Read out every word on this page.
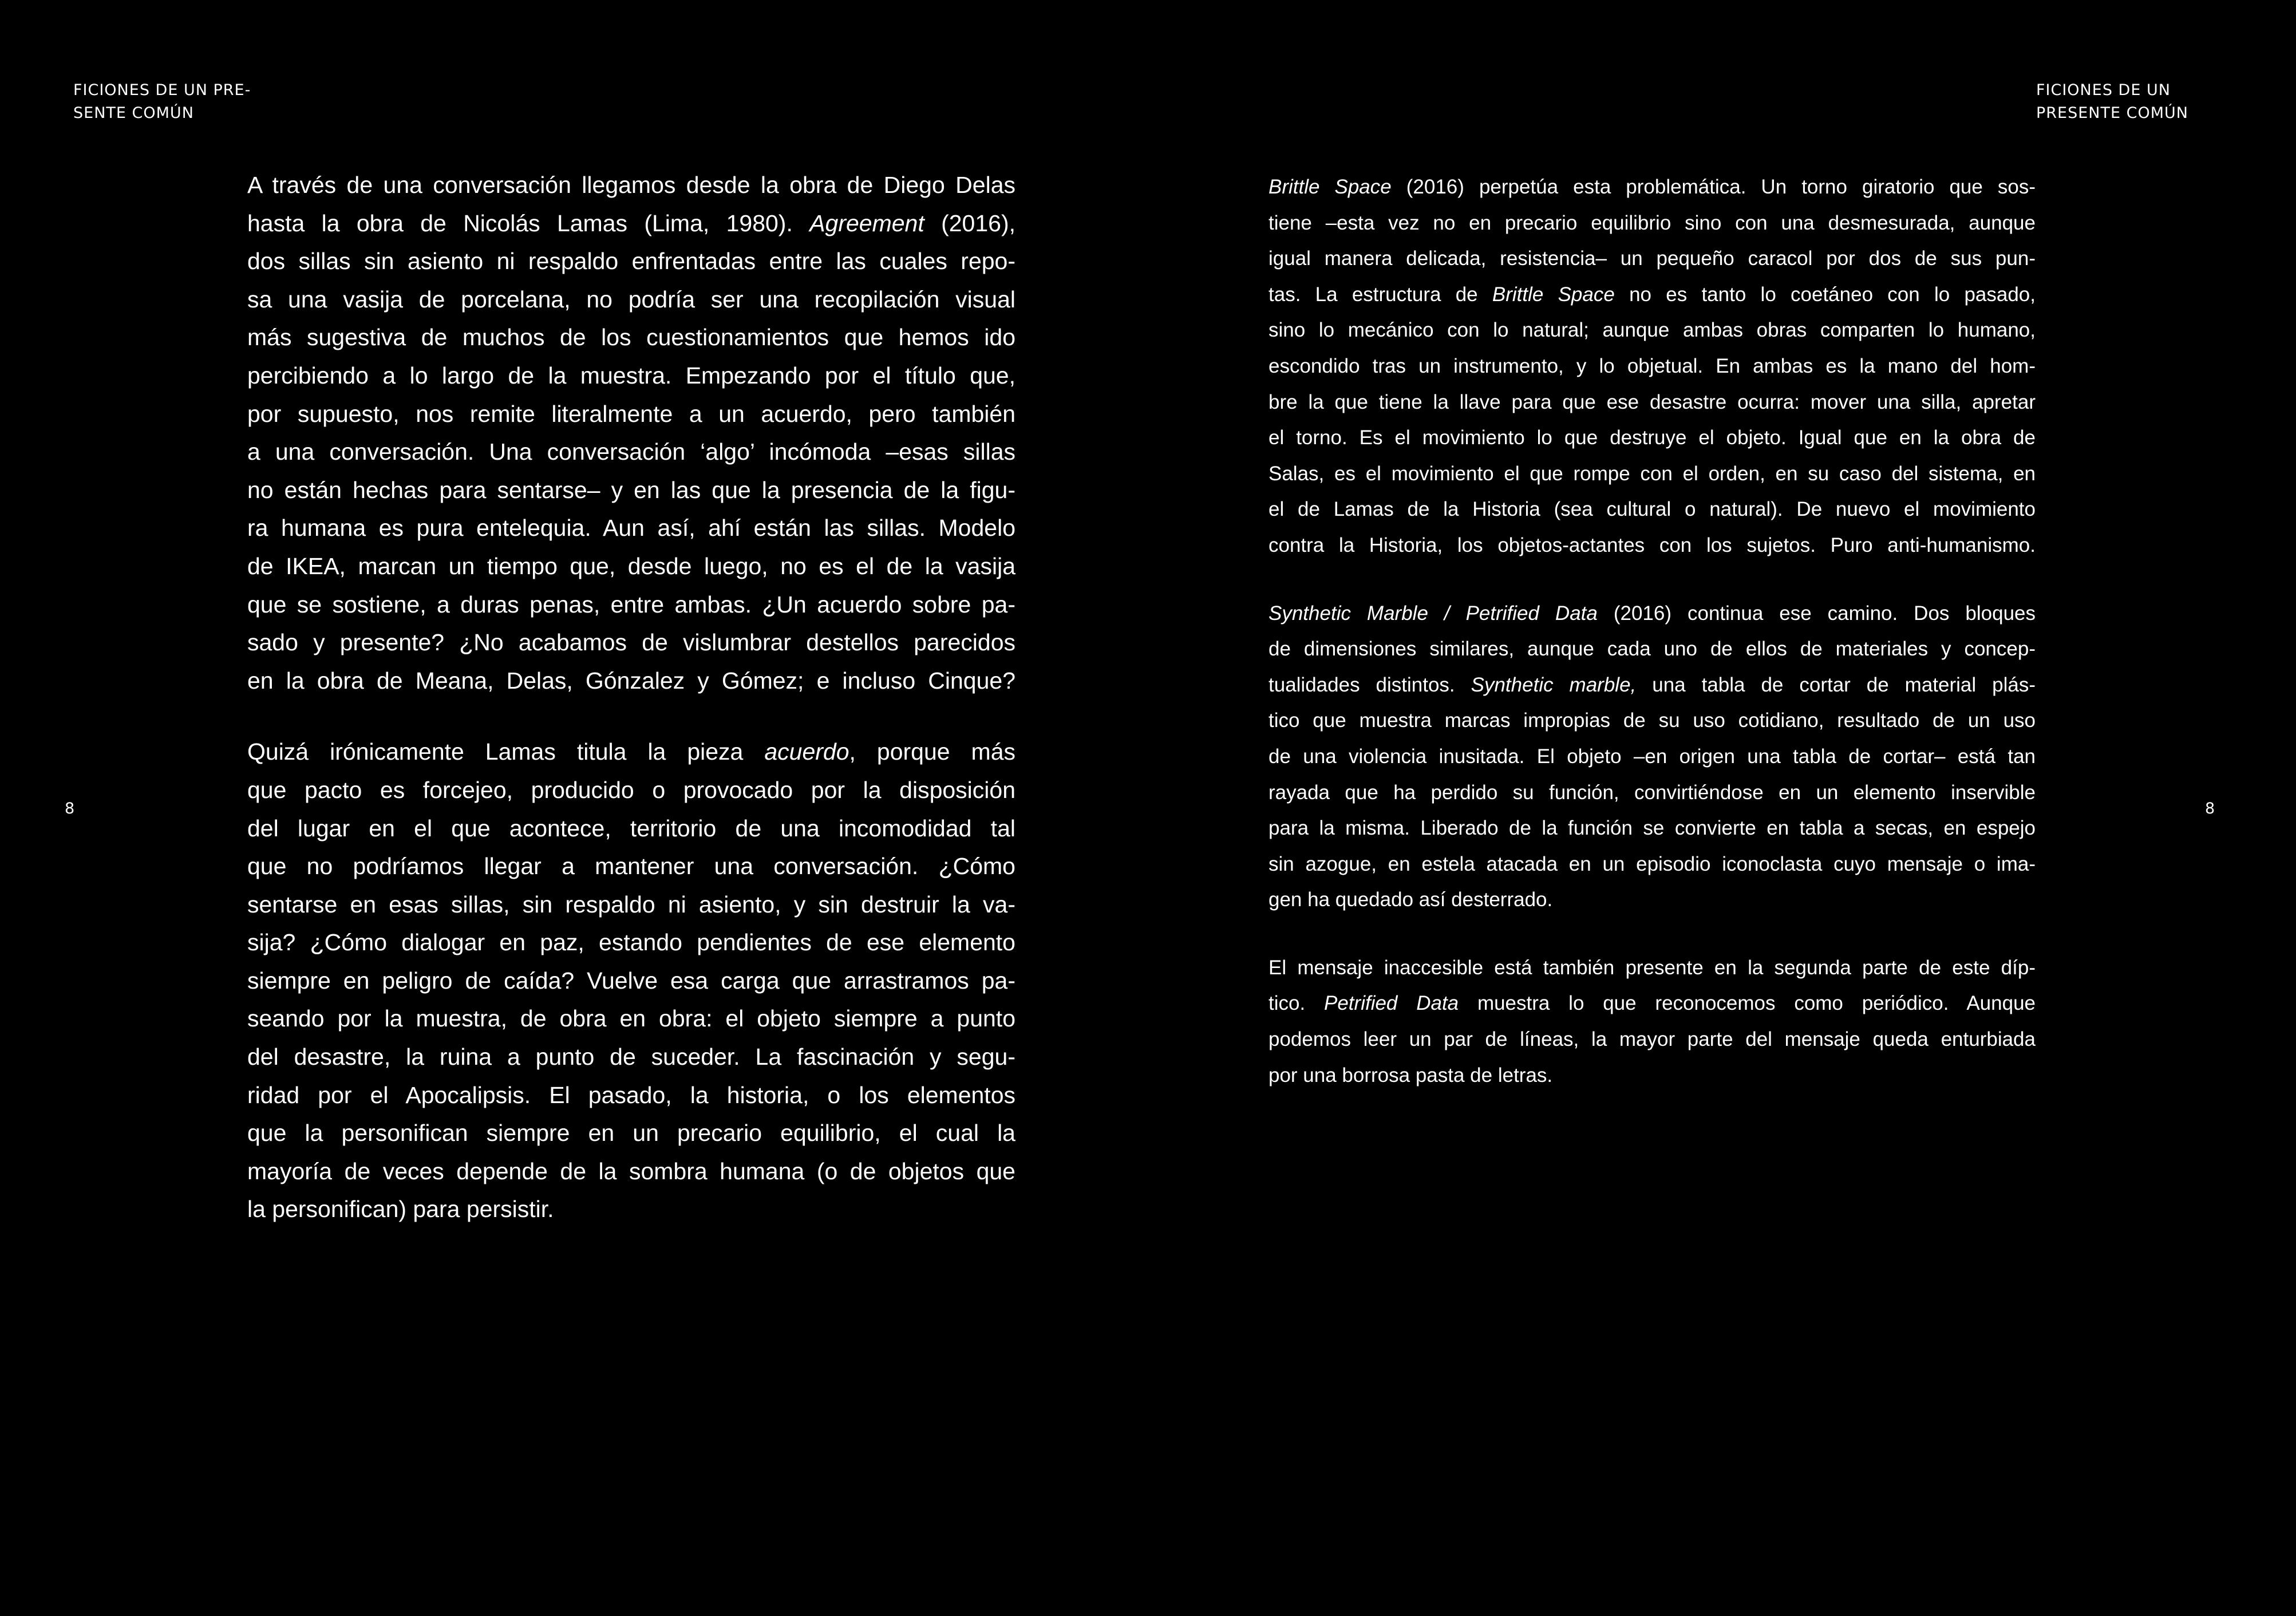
FICIONES DE UN PRE-
SENTE COMÚN
FICIONES DE UN
PRESENTE COMÚN
8	8
A través de una conversación llegamos desde la obra de Diego Delas
hasta la obra de Nicolás Lamas (Lima, 1980). Agreement (2016),
dos sillas sin asiento ni respaldo enfrentadas entre las cuales repo-
sa una vasija de porcelana, no podría ser una recopilación visual
más sugestiva de muchos de los cuestionamientos que hemos ido
percibiendo a lo largo de la muestra. Empezando por el título que,
por supuesto, nos remite literalmente a un acuerdo, pero también
a una conversación. Una conversación ‘algo’ incómoda –esas sillas
no están hechas para sentarse– y en las que la presencia de la figu-
ra humana es pura entelequia. Aun así, ahí están las sillas. Modelo
de IKEA, marcan un tiempo que, desde luego, no es el de la vasija
que se sostiene, a duras penas, entre ambas. ¿Un acuerdo sobre pa-
sado y presente? ¿No acabamos de vislumbrar destellos parecidos
en la obra de Meana, Delas, Gónzalez y Gómez; e incluso Cinque?
Quizá irónicamente Lamas titula la pieza acuerdo, porque más
que pacto es forcejeo, producido o provocado por la disposición
del lugar en el que acontece, territorio de una incomodidad tal
que no podríamos llegar a mantener una conversación. ¿Cómo
sentarse en esas sillas, sin respaldo ni asiento, y sin destruir la va-
sija? ¿Cómo dialogar en paz, estando pendientes de ese elemento
siempre en peligro de caída? Vuelve esa carga que arrastramos pa-
seando por la muestra, de obra en obra: el objeto siempre a punto
del desastre, la ruina a punto de suceder. La fascinación y segu-
ridad por el Apocalipsis. El pasado, la historia, o los elementos
que la personifican siempre en un precario equilibrio, el cual la
mayoría de veces depende de la sombra humana (o de objetos que
la personifican) para persistir.
Brittle Space (2016) perpetúa esta problemática. Un torno giratorio que sos-
tiene –esta vez no en precario equilibrio sino con una desmesurada, aunque
igual manera delicada, resistencia– un pequeño caracol por dos de sus pun-
tas. La estructura de Brittle Space no es tanto lo coetáneo con lo pasado,
sino lo mecánico con lo natural; aunque ambas obras comparten lo humano,
escondido tras un instrumento, y lo objetual. En ambas es la mano del hom-
bre la que tiene la llave para que ese desastre ocurra: mover una silla, apretar
el torno. Es el movimiento lo que destruye el objeto. Igual que en la obra de
Salas, es el movimiento el que rompe con el orden, en su caso del sistema, en
el de Lamas de la Historia (sea cultural o natural). De nuevo el movimiento
contra la Historia, los objetos-actantes con los sujetos. Puro anti-humanismo.
Synthetic Marble / Petrified Data (2016) continua ese camino. Dos bloques
de dimensiones similares, aunque cada uno de ellos de materiales y concep-
tualidades distintos. Synthetic marble, una tabla de cortar de material plás-
tico que muestra marcas impropias de su uso cotidiano, resultado de un uso
de una violencia inusitada. El objeto –en origen una tabla de cortar– está tan
rayada que ha perdido su función, convirtiéndose en un elemento inservible
para la misma. Liberado de la función se convierte en tabla a secas, en espejo
sin azogue, en estela atacada en un episodio iconoclasta cuyo mensaje o ima-
gen ha quedado así desterrado.
El mensaje inaccesible está también presente en la segunda parte de este díp-
tico. Petrified Data muestra lo que reconocemos como periódico. Aunque
podemos leer un par de líneas, la mayor parte del mensaje queda enturbiada
por una borrosa pasta de letras.
